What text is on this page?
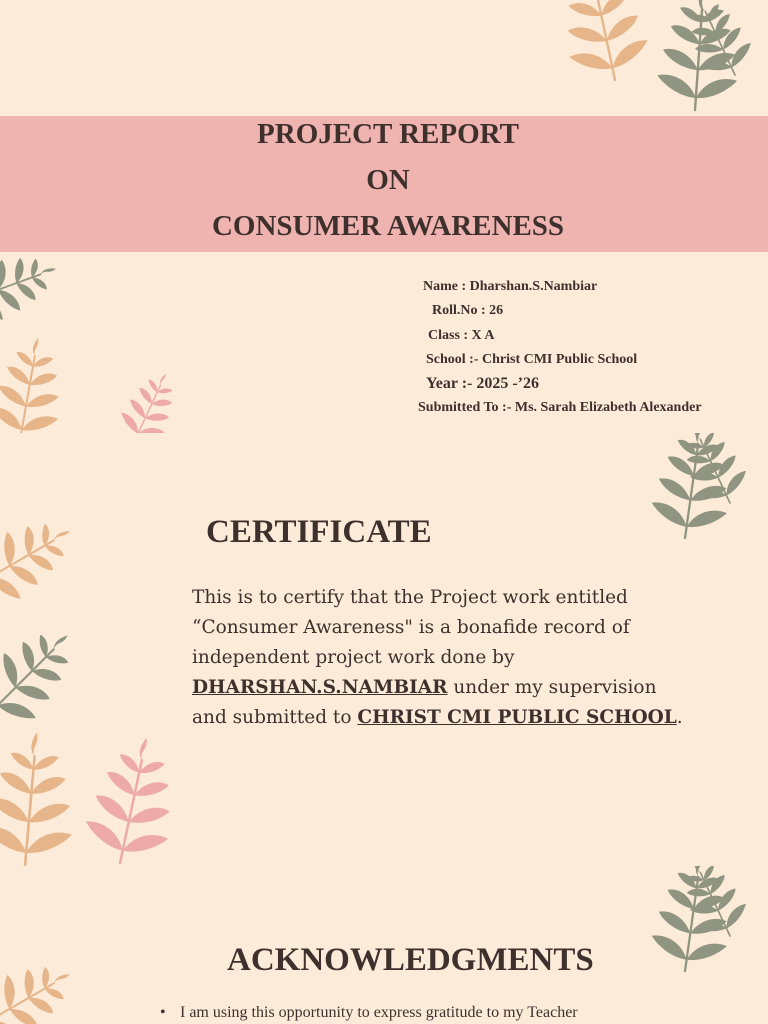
PROJECT REPORT

ON

CONSUMER AWARENESS

Name : Dharshan.S.Nambiar
Roll.No : 26
Class : X A
School :- Christ CMI Public School
Year :- 2025 -’26
Submitted To :- Ms. Sarah Elizabeth Alexander
CERTIFICATE
This is to certify that the Project work entitled
“Consumer Awareness" is a bonafide record of
independent project work done by
DHARSHAN.S.NAMBIAR under my supervision
and submitted to CHRIST CMI PUBLIC SCHOOL.
ACKNOWLEDGMENTS
• I am using this opportunity to express gratitude to my Teacher
